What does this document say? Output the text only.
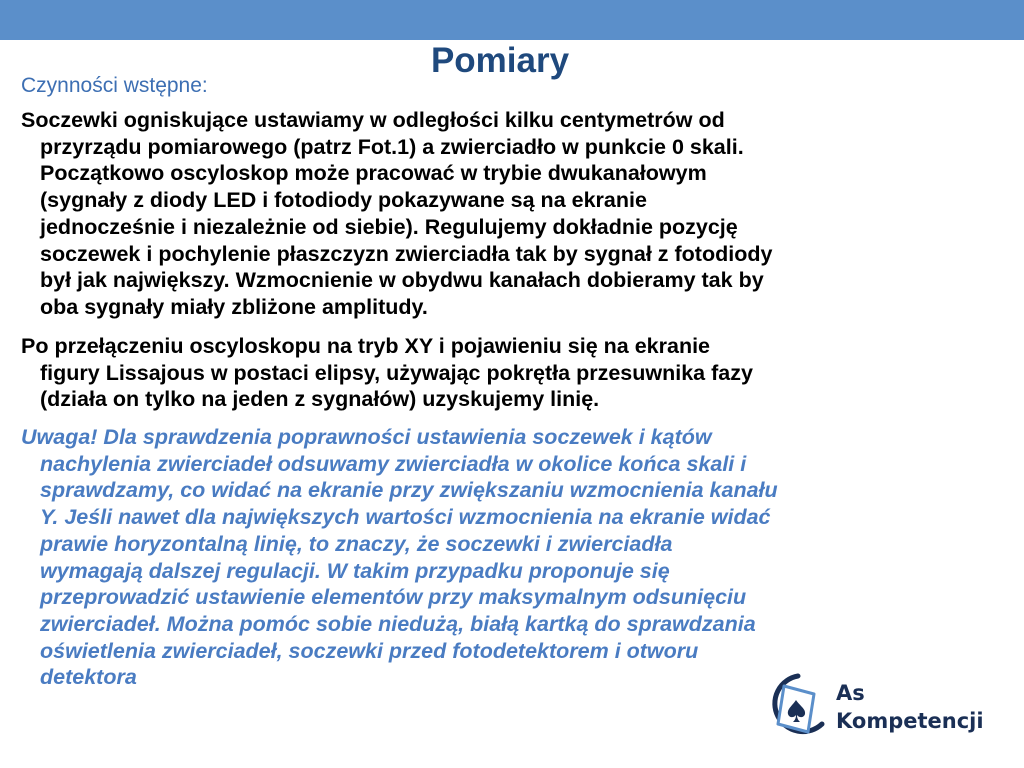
Pomiary
Czynności wstępne:

Soczewki ogniskujące ustawiamy w odległości kilku centymetrów od
przyrządu pomiarowego (patrz Fot.1) a zwierciadło w punkcie 0 skali.
Początkowo oscyloskop może pracować w trybie dwukanałowym
(sygnały z diody LED i fotodiody pokazywane są na ekranie
jednocześnie i niezależnie od siebie). Regulujemy dokładnie pozycję
soczewek i pochylenie płaszczyzn zwierciadła tak by sygnał z fotodiody
był jak największy. Wzmocnienie w obydwu kanałach dobieramy tak by
oba sygnały miały zbliżone amplitudy.

Po przełączeniu oscyloskopu na tryb XY i pojawieniu się na ekranie
figury Lissajous w postaci elipsy, używając pokrętła przesuwnika fazy
(działa on tylko na jeden z sygnałów) uzyskujemy linię.

Uwaga! Dla sprawdzenia poprawności ustawienia soczewek i kątów
nachylenia zwierciadeł odsuwamy zwierciadła w okolice końca skali i
sprawdzamy, co widać na ekranie przy zwiększaniu wzmocnienia kanału
Y. Jeśli nawet dla największych wartości wzmocnienia na ekranie widać
prawie horyzontalną linię, to znaczy, że soczewki i zwierciadła
wymagają dalszej regulacji. W takim przypadku proponuje się
przeprowadzić ustawienie elementów przy maksymalnym odsunięciu
zwierciadeł. Można pomóc sobie niedużą, białą kartką do sprawdzania
oświetlenia zwierciadeł, soczewki przed fotodetektorem i otworu
detektora

As
Kompetencji
